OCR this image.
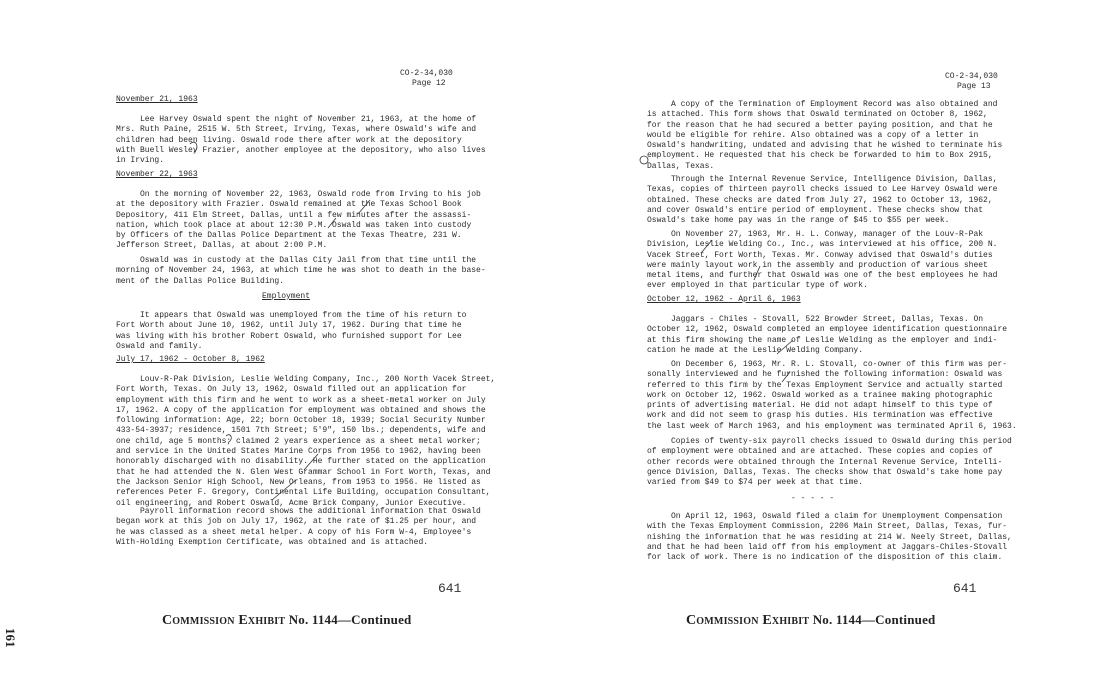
CO-2-34,030
Page 12
November 21, 1963
Lee Harvey Oswald spent the night of November 21, 1963, at the home of
Mrs. Ruth Paine, 2515 W. 5th Street, Irving, Texas, where Oswald's wife and
children had been living. Oswald rode there after work at the depository
with Buell Wesley Frazier, another employee at the depository, who also lives
in Irving.
November 22, 1963
On the morning of November 22, 1963, Oswald rode from Irving to his job
at the depository with Frazier. Oswald remained at the Texas School Book
Depository, 411 Elm Street, Dallas, until a few minutes after the assassi-
nation, which took place at about 12:30 P.M. Oswald was taken into custody
by Officers of the Dallas Police Department at the Texas Theatre, 231 W.
Jefferson Street, Dallas, at about 2:00 P.M.
Oswald was in custody at the Dallas City Jail from that time until the
morning of November 24, 1963, at which time he was shot to death in the base-
ment of the Dallas Police Building.
Employment
It appears that Oswald was unemployed from the time of his return to
Fort Worth about June 10, 1962, until July 17, 1962. During that time he
was living with his brother Robert Oswald, who furnished support for Lee
Oswald and family.
July 17, 1962 - October 8, 1962
Louv-R-Pak Division, Leslie Welding Company, Inc., 200 North Vacek Street,
Fort Worth, Texas. On July 13, 1962, Oswald filled out an application for
employment with this firm and he went to work as a sheet-metal worker on July
17, 1962. A copy of the application for employment was obtained and shows the
following information: Age, 22; born October 18, 1939; Social Security Number
433-54-3937; residence, 1501 7th Street; 5'9", 150 lbs.; dependents, wife and
one child, age 5 months; claimed 2 years experience as a sheet metal worker;
and service in the United States Marine Corps from 1956 to 1962, having been
honorably discharged with no disability. He further stated on the application
that he had attended the N. Glen West Grammar School in Fort Worth, Texas, and
the Jackson Senior High School, New Orleans, from 1953 to 1956. He listed as
references Peter F. Gregory, Continental Life Building, occupation Consultant,
oil engineering, and Robert Oswald, Acme Brick Company, Junior Executive.
Payroll information record shows the additional information that Oswald
began work at this job on July 17, 1962, at the rate of $1.25 per hour, and
he was classed as a sheet metal helper. A copy of his Form W-4, Employee's
With-Holding Exemption Certificate, was obtained and is attached.
641
Commission Exhibit No. 1144—Continued
CO-2-34,030
Page 13
A copy of the Termination of Employment Record was also obtained and
is attached. This form shows that Oswald terminated on October 8, 1962,
for the reason that he had secured a better paying position, and that he
would be eligible for rehire. Also obtained was a copy of a letter in
Oswald's handwriting, undated and advising that he wished to terminate his
employment. He requested that his check be forwarded to him to Box 2915,
Dallas, Texas.
Through the Internal Revenue Service, Intelligence Division, Dallas,
Texas, copies of thirteen payroll checks issued to Lee Harvey Oswald were
obtained. These checks are dated from July 27, 1962 to October 13, 1962,
and cover Oswald's entire period of employment. These checks show that
Oswald's take home pay was in the range of $45 to $55 per week.
On November 27, 1963, Mr. H. L. Conway, manager of the Louv-R-Pak
Division, Leslie Welding Co., Inc., was interviewed at his office, 200 N.
Vacek Street, Fort Worth, Texas. Mr. Conway advised that Oswald's duties
were mainly layout work in the assembly and production of various sheet
metal items, and further that Oswald was one of the best employees he had
ever employed in that particular type of work.
October 12, 1962 - April 6, 1963
Jaggars - Chiles - Stovall, 522 Browder Street, Dallas, Texas. On
October 12, 1962, Oswald completed an employee identification questionnaire
at this firm showing the name of Leslie Welding as the employer and indi-
cation he made at the Leslie Welding Company.
On December 6, 1963, Mr. R. L. Stovall, co-owner of this firm was per-
sonally interviewed and he furnished the following information: Oswald was
referred to this firm by the Texas Employment Service and actually started
work on October 12, 1962. Oswald worked as a trainee making photographic
prints of advertising material. He did not adapt himself to this type of
work and did not seem to grasp his duties. His termination was effective
the last week of March 1963, and his employment was terminated April 6, 1963.
Copies of twenty-six payroll checks issued to Oswald during this period
of employment were obtained and are attached. These copies and copies of
other records were obtained through the Internal Revenue Service, Intelli-
gence Division, Dallas, Texas. The checks show that Oswald's take home pay
varied from $49 to $74 per week at that time.
- - - - -
On April 12, 1963, Oswald filed a claim for Unemployment Compensation
with the Texas Employment Commission, 2206 Main Street, Dallas, Texas, fur-
nishing the information that he was residing at 214 W. Neely Street, Dallas,
and that he had been laid off from his employment at Jaggars-Chiles-Stovall
for lack of work. There is no indication of the disposition of this claim.
641
Commission Exhibit No. 1144—Continued
161
